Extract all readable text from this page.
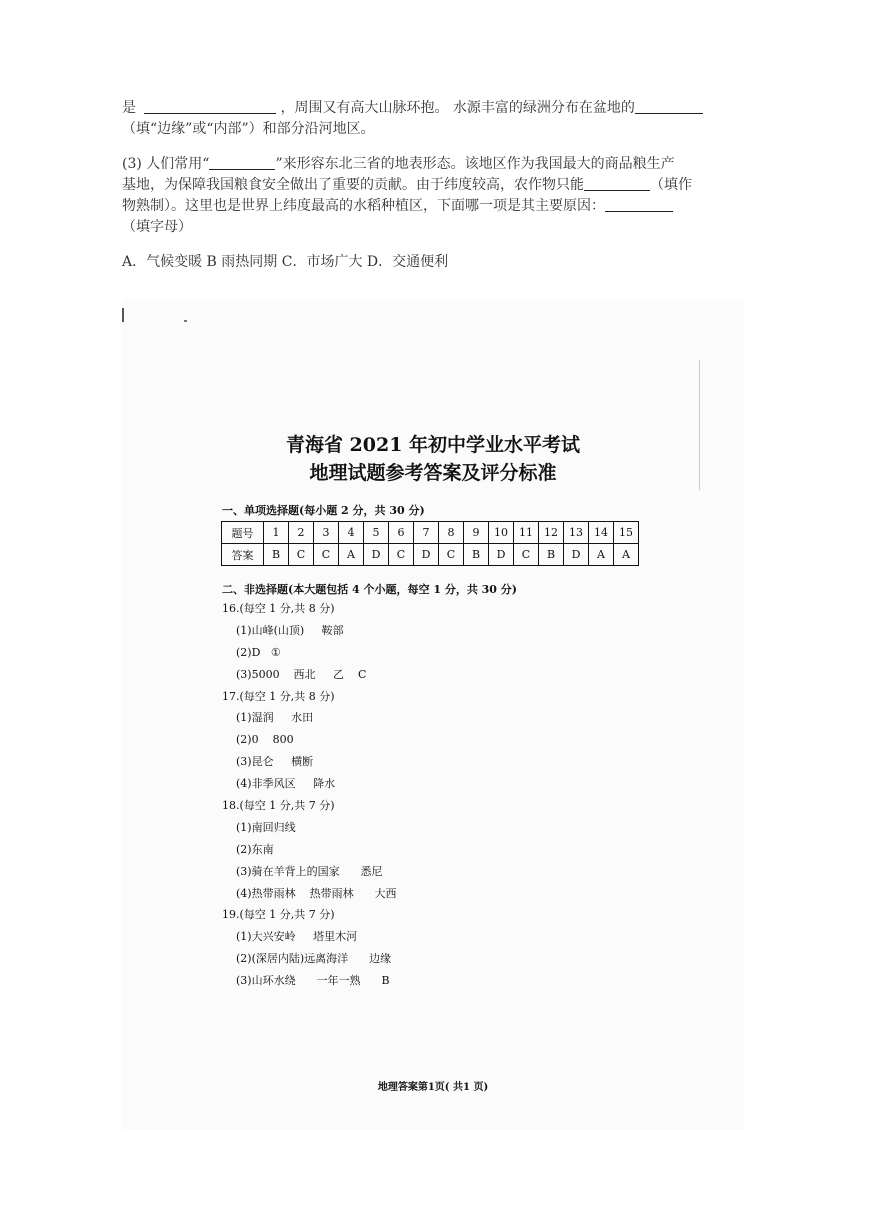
是	，周围又有高大山脉环抱。 水源丰富的绿洲分布在盆地的

（填“边缘”或“内部”）和部分沿河地区。

(3) 人们常用“	”来形容东北三省的地表形态。该地区作为我国最大的商品粮生产

基地，为保障我国粮食安全做出了重要的贡献。由于纬度较高，农作物只能	（填作

物熟制）。这里也是世界上纬度最高的水稻种植区，下面哪一项是其主要原因：

（填字母）

A．气候变暖 B 雨热同期 C．市场广大 D．交通便利

青海省 2021 年初中学业水平考试
地理试题参考答案及评分标准
一、单项选择题(每小题 2 分，共 30 分)
题号	1	2	3	4	5	6	7	8	9	10	11	12	13	14	15
答案	B	C	C	A	D	C	D	C	B	D	C	B	D	A	A
二、非选择题(本大题包括 4 个小题，每空 1 分，共 30 分)
16.(每空 1 分,共 8 分)
(1)山峰(山顶)     鞍部
(2)D   ①
(3)5000    西北     乙    C
17.(每空 1 分,共 8 分)
(1)湿润     水田
(2)0    800
(3)昆仑     横断
(4)非季风区     降水
18.(每空 1 分,共 7 分)
(1)南回归线
(2)东南
(3)骑在羊背上的国家      悉尼
(4)热带雨林    热带雨林      大西
19.(每空 1 分,共 7 分)
(1)大兴安岭     塔里木河
(2)(深居内陆)远离海洋      边缘
(3)山环水绕      一年一熟      B
地理答案第1页( 共1 页)
